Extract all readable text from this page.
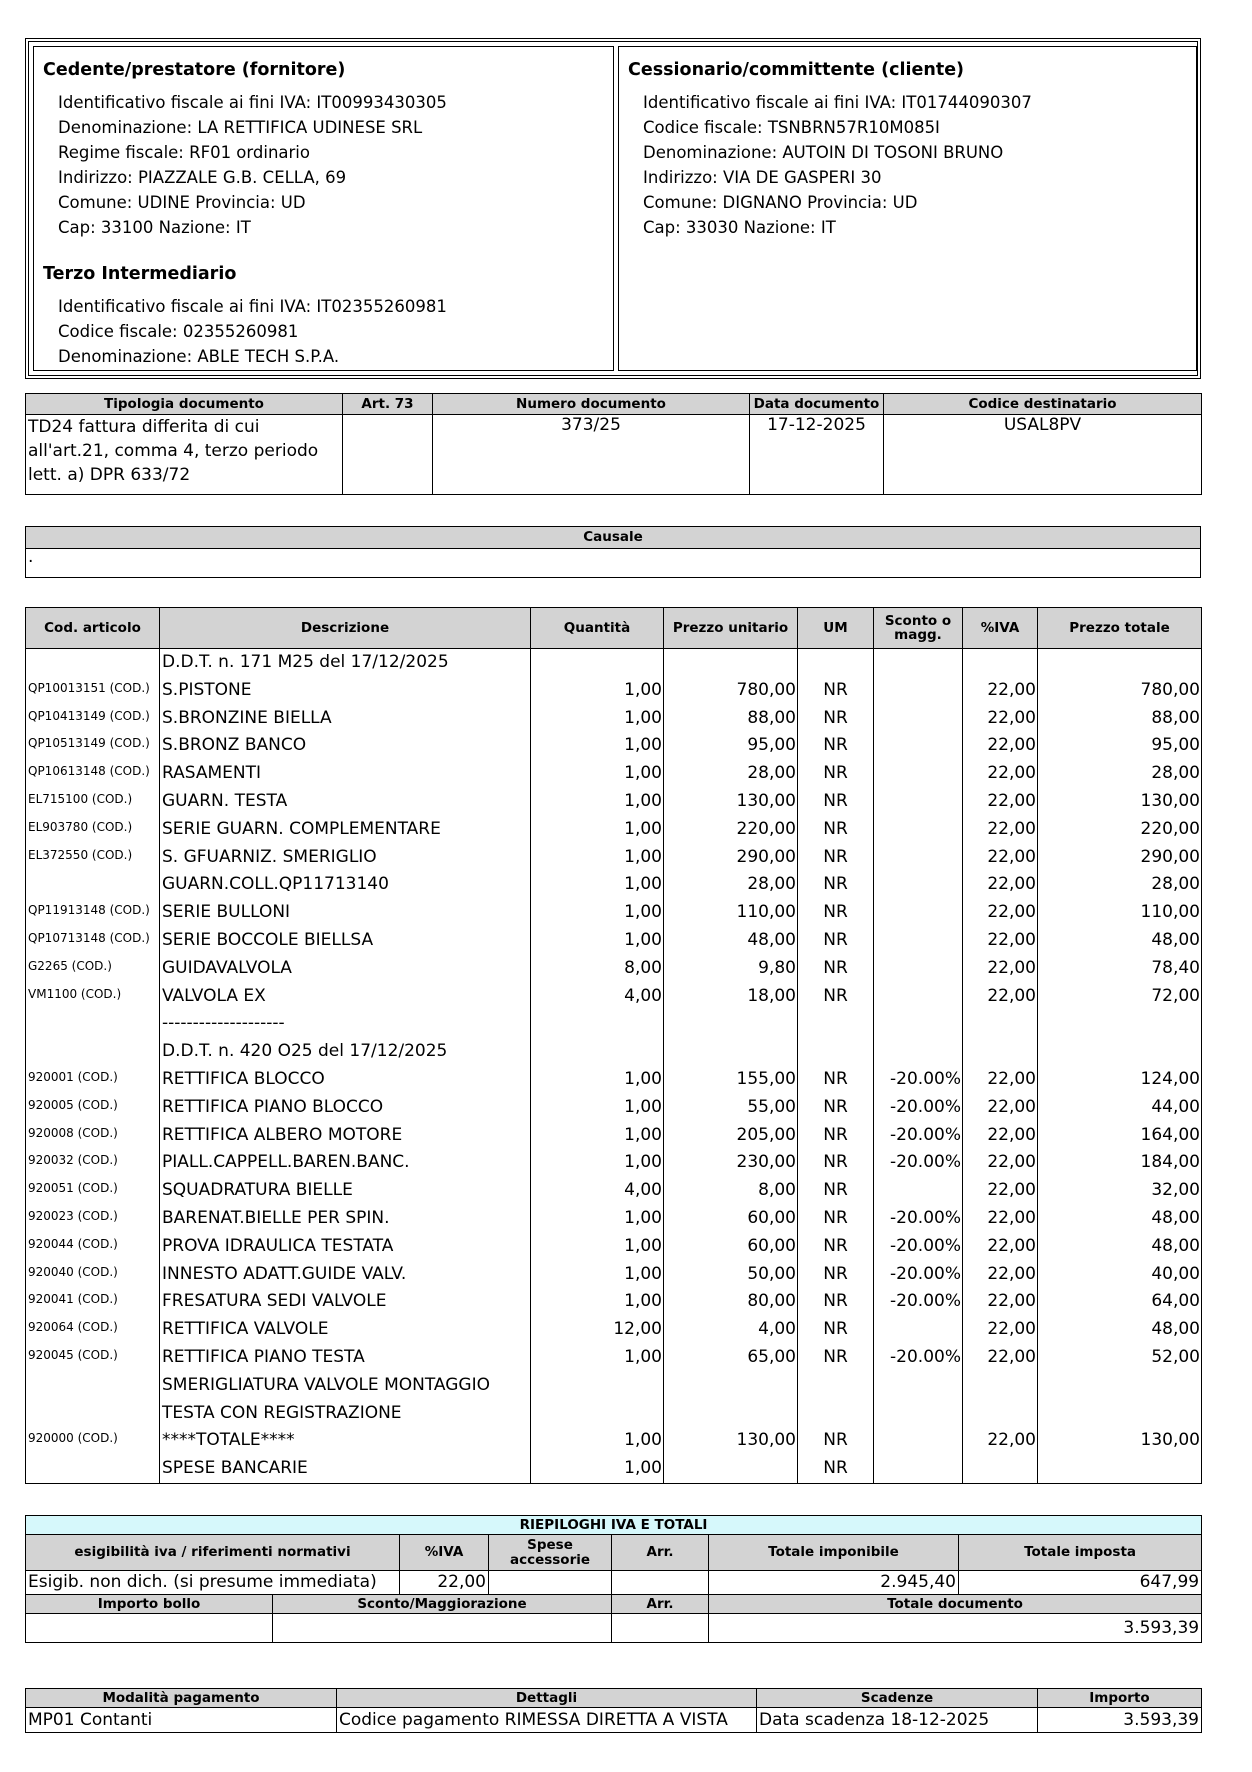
Cedente/prestatore (fornitore)
Identificativo fiscale ai fini IVA: IT00993430305
Denominazione: LA RETTIFICA UDINESE SRL
Regime fiscale: RF01 ordinario
Indirizzo: PIAZZALE G.B. CELLA, 69
Comune: UDINE Provincia: UD
Cap: 33100 Nazione: IT
Terzo Intermediario
Identificativo fiscale ai fini IVA: IT02355260981
Codice fiscale: 02355260981
Denominazione: ABLE TECH S.P.A.
Cessionario/committente (cliente)
Identificativo fiscale ai fini IVA: IT01744090307
Codice fiscale: TSNBRN57R10M085I
Denominazione: AUTOIN DI TOSONI BRUNO
Indirizzo: VIA DE GASPERI 30
Comune: DIGNANO Provincia: UD
Cap: 33030 Nazione: IT
Tipologia documento	Art. 73	Numero documento	Data documento	Codice destinatario
TD24 fattura differita di cui all'art.21, comma 4, terzo periodo lett. a) DPR 633/72		373/25	17-12-2025	USAL8PV
Causale
.
Cod. articolo	Descrizione	Quantità	Prezzo unitario	UM	Sconto o magg.	%IVA	Prezzo totale
	D.D.T. n. 171 M25 del 17/12/2025						
QP10013151 (COD.)	S.PISTONE	1,00	780,00	NR		22,00	780,00
QP10413149 (COD.)	S.BRONZINE BIELLA	1,00	88,00	NR		22,00	88,00
QP10513149 (COD.)	S.BRONZ BANCO	1,00	95,00	NR		22,00	95,00
QP10613148 (COD.)	RASAMENTI	1,00	28,00	NR		22,00	28,00
EL715100 (COD.)	GUARN. TESTA	1,00	130,00	NR		22,00	130,00
EL903780 (COD.)	SERIE GUARN. COMPLEMENTARE	1,00	220,00	NR		22,00	220,00
EL372550 (COD.)	S. GFUARNIZ. SMERIGLIO	1,00	290,00	NR		22,00	290,00
	GUARN.COLL.QP11713140	1,00	28,00	NR		22,00	28,00
QP11913148 (COD.)	SERIE BULLONI	1,00	110,00	NR		22,00	110,00
QP10713148 (COD.)	SERIE BOCCOLE BIELLSA	1,00	48,00	NR		22,00	48,00
G2265 (COD.)	GUIDAVALVOLA	8,00	9,80	NR		22,00	78,40
VM1100 (COD.)	VALVOLA EX	4,00	18,00	NR		22,00	72,00
	--------------------						
	D.D.T. n. 420 O25 del 17/12/2025						
920001 (COD.)	RETTIFICA BLOCCO	1,00	155,00	NR	-20.00%	22,00	124,00
920005 (COD.)	RETTIFICA PIANO BLOCCO	1,00	55,00	NR	-20.00%	22,00	44,00
920008 (COD.)	RETTIFICA ALBERO MOTORE	1,00	205,00	NR	-20.00%	22,00	164,00
920032 (COD.)	PIALL.CAPPELL.BAREN.BANC.	1,00	230,00	NR	-20.00%	22,00	184,00
920051 (COD.)	SQUADRATURA BIELLE	4,00	8,00	NR		22,00	32,00
920023 (COD.)	BARENAT.BIELLE PER SPIN.	1,00	60,00	NR	-20.00%	22,00	48,00
920044 (COD.)	PROVA IDRAULICA TESTATA	1,00	60,00	NR	-20.00%	22,00	48,00
920040 (COD.)	INNESTO ADATT.GUIDE VALV.	1,00	50,00	NR	-20.00%	22,00	40,00
920041 (COD.)	FRESATURA SEDI VALVOLE	1,00	80,00	NR	-20.00%	22,00	64,00
920064 (COD.)	RETTIFICA VALVOLE	12,00	4,00	NR		22,00	48,00
920045 (COD.)	RETTIFICA PIANO TESTA	1,00	65,00	NR	-20.00%	22,00	52,00
	SMERIGLIATURA VALVOLE MONTAGGIO						
	TESTA CON REGISTRAZIONE						
920000 (COD.)	****TOTALE****	1,00	130,00	NR		22,00	130,00
	SPESE BANCARIE	1,00		NR			
RIEPILOGHI IVA E TOTALI						
esigibilità iva / riferimenti normativi		%IVA	Spese accessorie	Arr.	Totale imponibile	Totale imposta
Esigib. non dich. (si presume immediata)		22,00			2.945,40	647,99
Importo bollo	Sconto/Maggiorazione			Arr.	Totale documento	
					3.593,39	
Modalità pagamento	Dettagli	Scadenze	Importo
MP01 Contanti	Codice pagamento RIMESSA DIRETTA A VISTA	Data scadenza 18-12-2025	3.593,39
